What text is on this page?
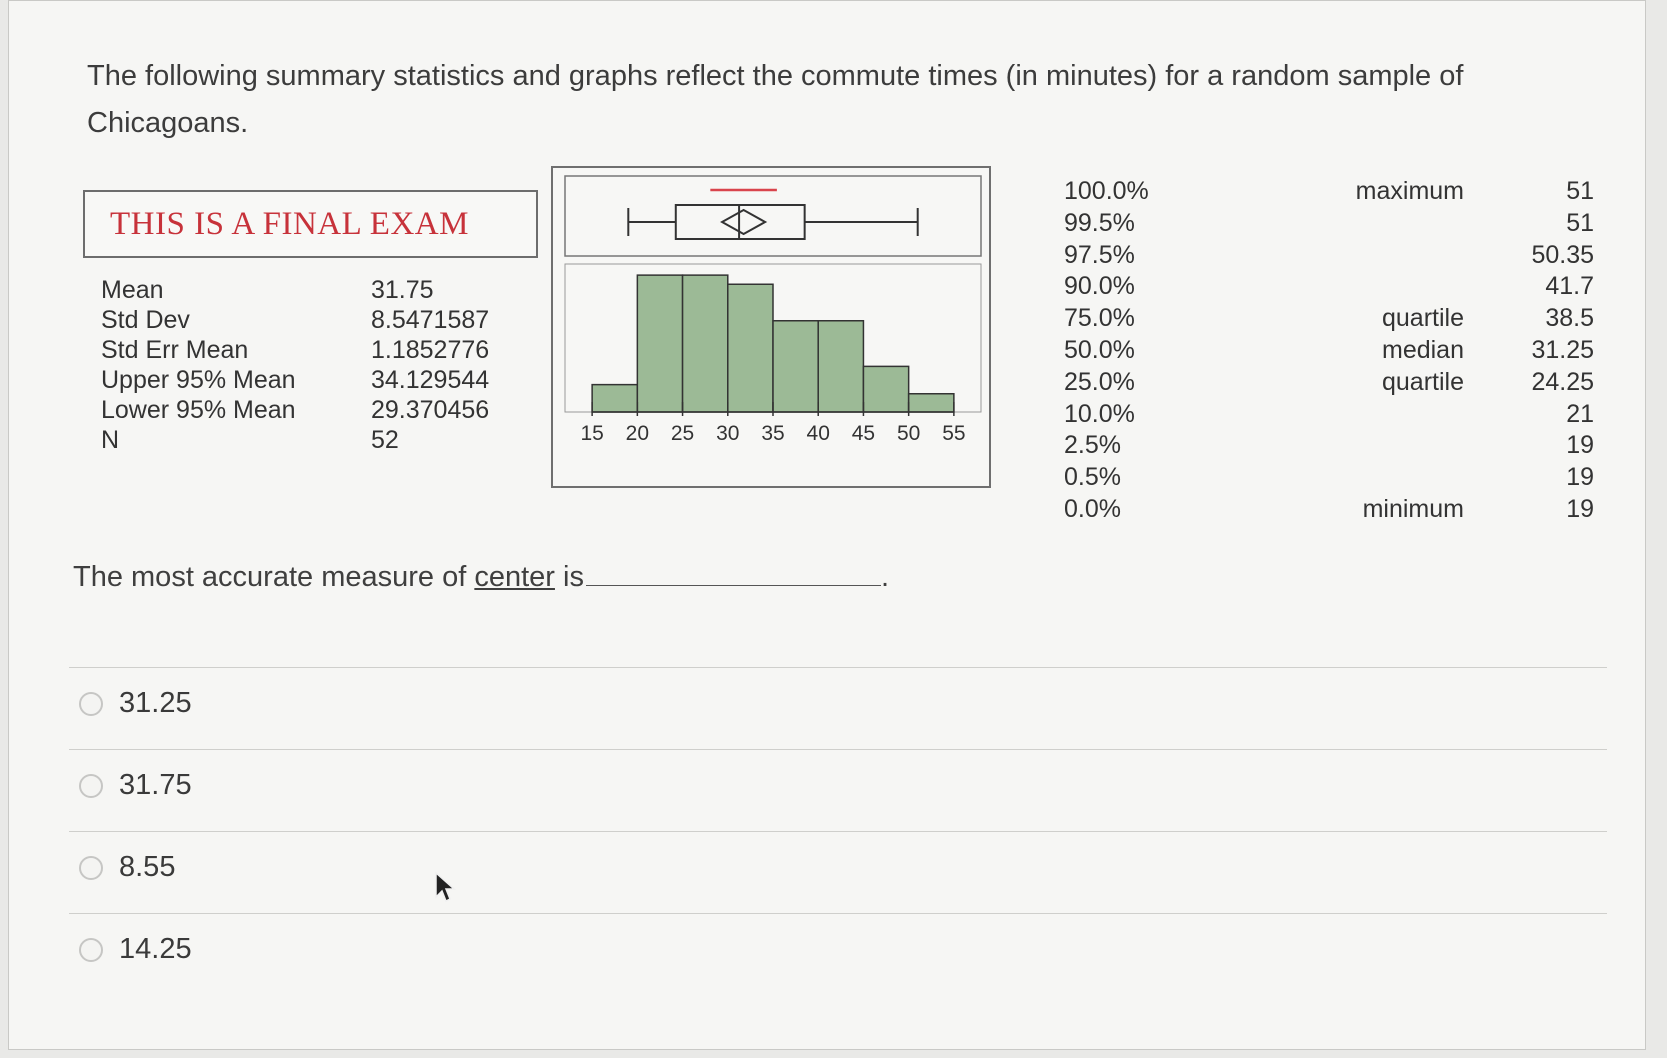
The following summary statistics and graphs reflect the commute times (in minutes) for a random sample of Chicagoans.
THIS IS A FINAL EXAM
Mean	31.75
Std Dev	8.5471587
Std Err Mean	1.1852776
Upper 95% Mean	34.129544
Lower 95% Mean	29.370456
N	52	15 20 25 30 35 40 45 50 55
100.0%	maximum	51
99.5%	51
97.5%	50.35
90.0%	41.7
75.0%	quartile	38.5
50.0%	median	31.25
25.0%	quartile	24.25
10.0%	21
2.5%	19
0.5%	19
0.0%	minimum	19
The most accurate measure of center is	.
31.25
31.75
8.55
14.25
